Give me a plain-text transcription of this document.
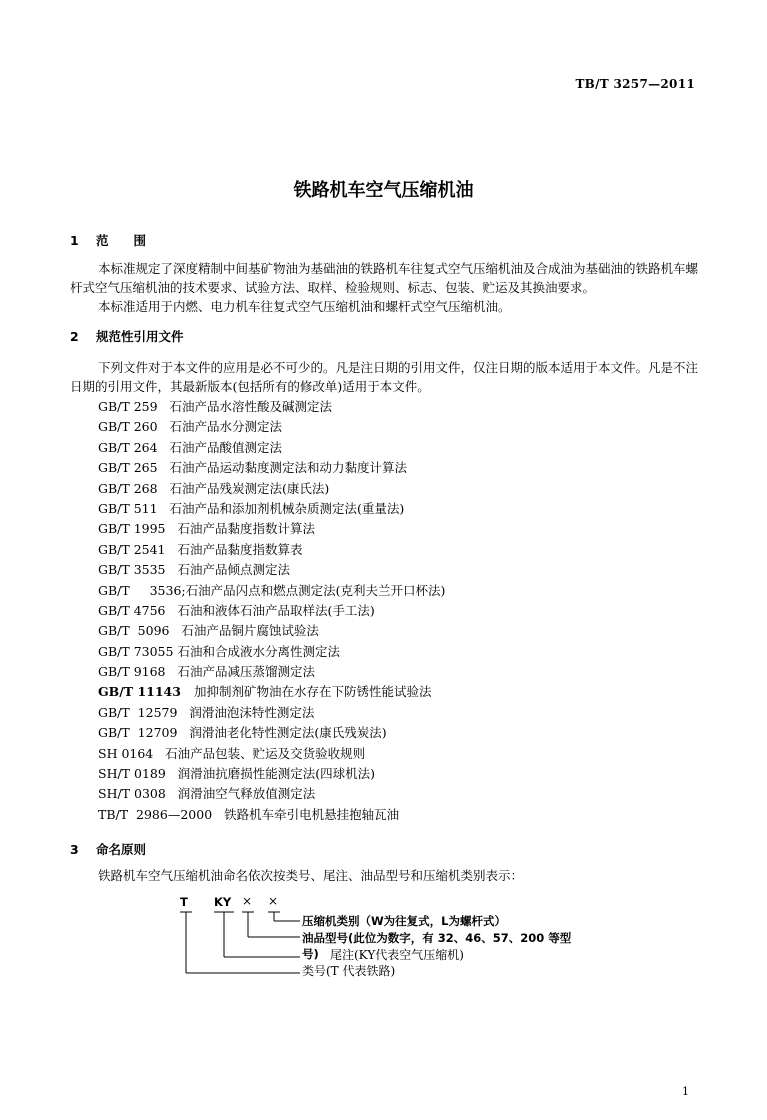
TB/T 3257—2011
铁路机车空气压缩机油
1 范　　围
本标准规定了深度精制中间基矿物油为基础油的铁路机车往复式空气压缩机油及合成油为基础油的铁路机车螺杆式空气压缩机油的技术要求、试验方法、取样、检验规则、标志、包装、贮运及其换油要求。
本标准适用于内燃、电力机车往复式空气压缩机油和螺杆式空气压缩机油。
2 规范性引用文件
下列文件对于本文件的应用是必不可少的。凡是注日期的引用文件，仅注日期的版本适用于本文件。凡是不注日期的引用文件，其最新版本(包括所有的修改单)适用于本文件。
GB/T 259 石油产品水溶性酸及碱测定法
GB/T 260 石油产品水分测定法
GB/T 264 石油产品酸值测定法
GB/T 265 石油产品运动黏度测定法和动力黏度计算法
GB/T 268 石油产品残炭测定法(康氏法)
GB/T 511 石油产品和添加剂机械杂质测定法(重量法)
GB/T 1995 石油产品黏度指数计算法
GB/T 2541 石油产品黏度指数算表
GB/T 3535 石油产品倾点测定法
GB/T     3536;石油产品闪点和燃点测定法(克利夫兰开口杯法)
GB/T 4756 石油和液体石油产品取样法(手工法)
GB/T  5096 石油产品铜片腐蚀试验法
GB/T 73055 石油和合成液水分离性测定法
GB/T 9168 石油产品减压蒸馏测定法
GB/T 11143 加抑制剂矿物油在水存在下防锈性能试验法
GB/T  12579 润滑油泡沫特性测定法
GB/T  12709 润滑油老化特性测定法(康氏残炭法)
SH 0164 石油产品包装、贮运及交货验收规则
SH/T 0189 润滑油抗磨损性能测定法(四球机法)
SH/T 0308 润滑油空气释放值测定法
TB/T  2986—2000 铁路机车牵引电机悬挂抱轴瓦油
3 命名原则
铁路机车空气压缩机油命名依次按类号、尾注、油品型号和压缩机类别表示：
T KY × ×
压缩机类别（W为往复式，L为螺杆式）
油品型号(此位为数字，有 32、46、57、200 等型
号) 尾注(KY代表空气压缩机)
类号(T 代表铁路)
1
